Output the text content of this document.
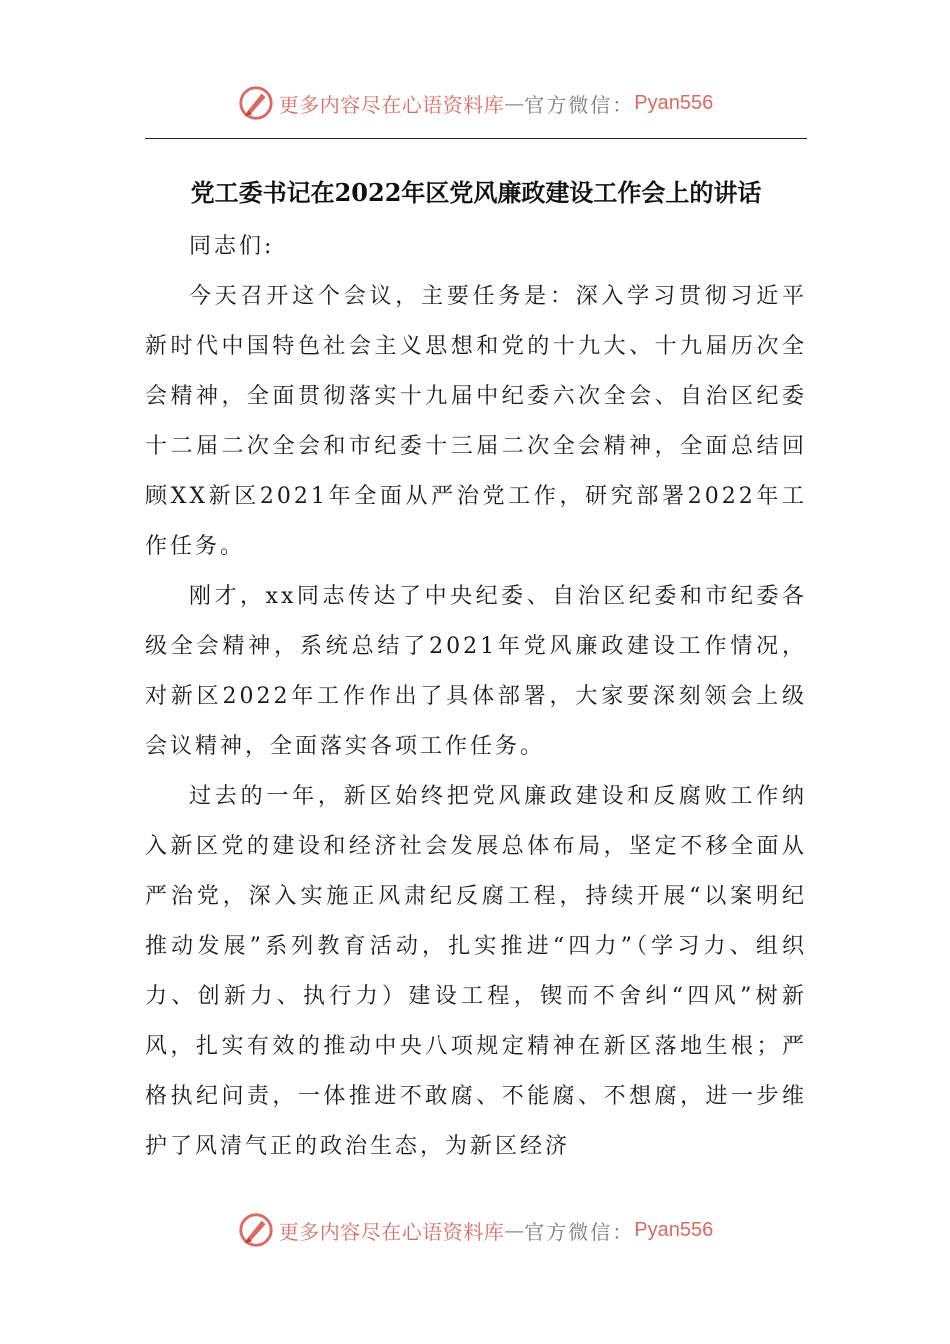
更多内容尽在心语资料库 — 官方微信： Pyan556
党工委书记在2022年区党风廉政建设工作会上的讲话

同志们:

今天召开这个会议，主要任务是：深入学习贯彻习近平新时代中国特色社会主义思想和党的十九大、十九届历次全会精神，全面贯彻落实十九届中纪委六次全会、自治区纪委十二届二次全会和市纪委十三届二次全会精神，全面总结回顾XX新区2021年全面从严治党工作，研究部署2022年工作任务。

刚才，xx同志传达了中央纪委、自治区纪委和市纪委各级全会精神，系统总结了2021年党风廉政建设工作情况，对新区2022年工作作出了具体部署，大家要深刻领会上级会议精神，全面落实各项工作任务。

过去的一年，新区始终把党风廉政建设和反腐败工作纳入新区党的建设和经济社会发展总体布局，坚定不移全面从严治党，深入实施正风肃纪反腐工程，持续开展“以案明纪推动发展”系列教育活动，扎实推进“四力”（学习力、组织力、创新力、执行力）建设工程，锲而不舍纠“四风”树新风，扎实有效的推动中央八项规定精神在新区落地生根；严格执纪问责，一体推进不敢腐、不能腐、不想腐，进一步维护了风清气正的政治生态，为新区经济

更多内容尽在心语资料库 — 官方微信： Pyan556
